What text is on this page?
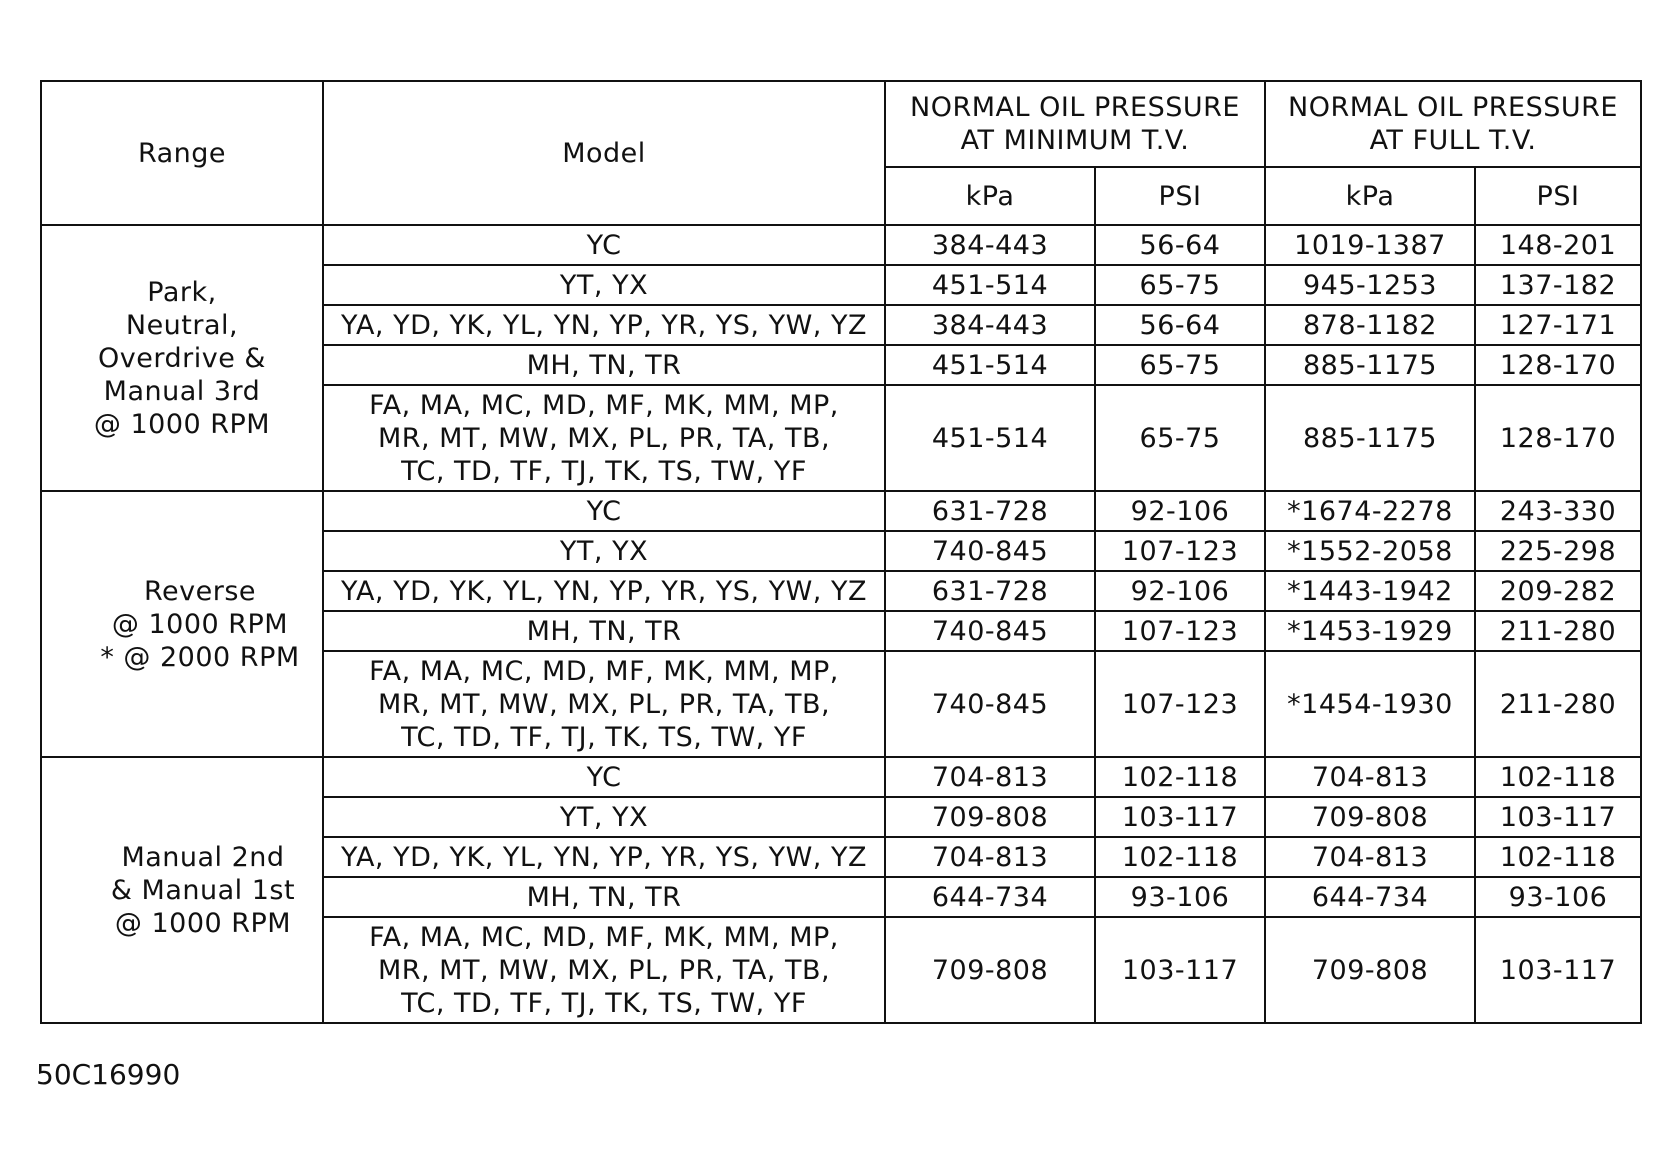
Range	Model	NORMAL OIL PRESSURE
AT MINIMUM T.V.		NORMAL OIL PRESSURE
AT FULL T.V.	
		kPa	PSI	kPa	PSI

Park,
Neutral,
Overdrive &
Manual 3rd
@ 1000 RPM	YC	384-443	56-64	1019-1387	148-201
	YT, YX	451-514	65-75	945-1253	137-182
	YA, YD, YK, YL, YN, YP, YR, YS, YW, YZ	384-443	56-64	878-1182	127-171
	MH, TN, TR	451-514	65-75	885-1175	128-170

	FA, MA, MC, MD, MF, MK, MM, MP,
MR, MT, MW, MX, PL, PR, TA, TB,
TC, TD, TF, TJ, TK, TS, TW, YF	451-514	65-75	885-1175	128-170

Reverse
@ 1000 RPM
* @ 2000 RPM	YC	631-728	92-106	*1674-2278	243-330
	YT, YX	740-845	107-123	*1552-2058	225-298
	YA, YD, YK, YL, YN, YP, YR, YS, YW, YZ	631-728	92-106	*1443-1942	209-282
	MH, TN, TR	740-845	107-123	*1453-1929	211-280

	FA, MA, MC, MD, MF, MK, MM, MP,
MR, MT, MW, MX, PL, PR, TA, TB,
TC, TD, TF, TJ, TK, TS, TW, YF	740-845	107-123	*1454-1930	211-280

Manual 2nd
& Manual 1st
@ 1000 RPM	YC	704-813	102-118	704-813	102-118
	YT, YX	709-808	103-117	709-808	103-117
	YA, YD, YK, YL, YN, YP, YR, YS, YW, YZ	704-813	102-118	704-813	102-118
	MH, TN, TR	644-734	93-106	644-734	93-106

	FA, MA, MC, MD, MF, MK, MM, MP,
MR, MT, MW, MX, PL, PR, TA, TB,
TC, TD, TF, TJ, TK, TS, TW, YF	709-808	103-117	709-808	103-117
50C16990
